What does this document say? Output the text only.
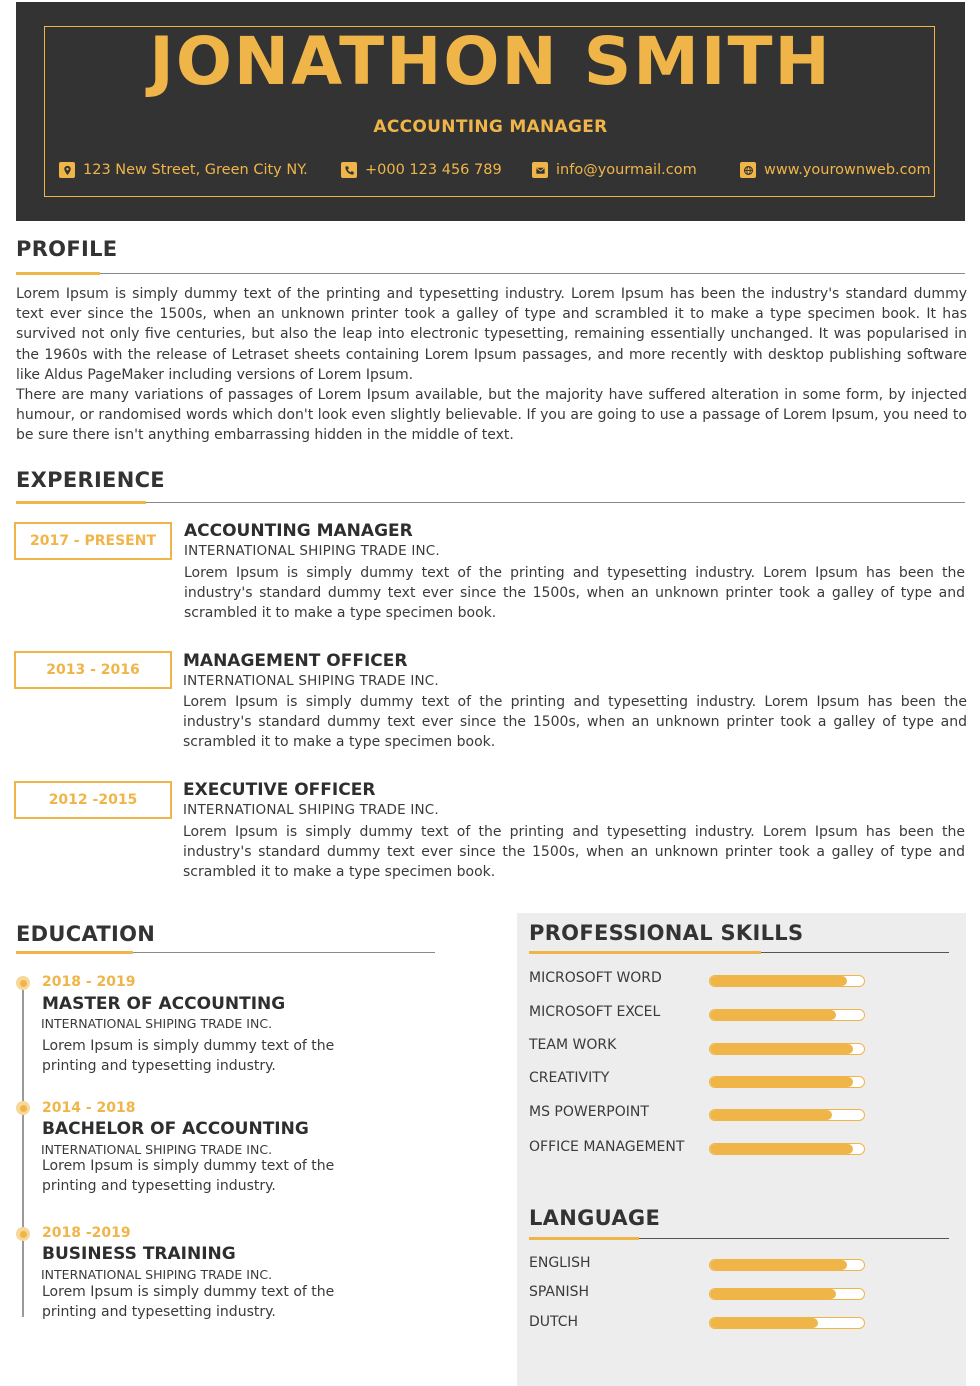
JONATHON SMITH
ACCOUNTING MANAGER
123 New Street, Green City NY.	+000 123 456 789	info@yourmail.com	www.yourownweb.com
PROFILE
Lorem Ipsum is simply dummy text of the printing and typesetting industry. Lorem Ipsum has been the industry's standard dummy text ever since the 1500s, when an unknown printer took a galley of type and scrambled it to make a type specimen book. It has survived not only five centuries, but also the leap into electronic typesetting, remaining essentially unchanged. It was popularised in the 1960s with the release of Letraset sheets containing Lorem Ipsum passages, and more recently with desktop publishing software like Aldus PageMaker including versions of Lorem Ipsum.
There are many variations of passages of Lorem Ipsum available, but the majority have suffered alteration in some form, by injected humour, or randomised words which don't look even slightly believable. If you are going to use a passage of Lorem Ipsum, you need to be sure there isn't anything embarrassing hidden in the middle of text.
EXPERIENCE
2017 - PRESENT	ACCOUNTING MANAGER
INTERNATIONAL SHIPING TRADE INC.
Lorem Ipsum is simply dummy text of the printing and typesetting industry. Lorem Ipsum has been the industry's standard dummy text ever since the 1500s, when an unknown printer took a galley of type and scrambled it to make a type specimen book.
2013 - 2016	MANAGEMENT OFFICER
INTERNATIONAL SHIPING TRADE INC.
Lorem Ipsum is simply dummy text of the printing and typesetting industry. Lorem Ipsum has been the industry's standard dummy text ever since the 1500s, when an unknown printer took a galley of type and scrambled it to make a type specimen book.
2012 -2015	EXECUTIVE OFFICER
INTERNATIONAL SHIPING TRADE INC.
Lorem Ipsum is simply dummy text of the printing and typesetting industry. Lorem Ipsum has been the industry's standard dummy text ever since the 1500s, when an unknown printer took a galley of type and scrambled it to make a type specimen book.
EDUCATION
2018 - 2019
MASTER OF ACCOUNTING
INTERNATIONAL SHIPING TRADE INC.
Lorem Ipsum is simply dummy text of the printing and typesetting industry.
2014 - 2018
BACHELOR OF ACCOUNTING
INTERNATIONAL SHIPING TRADE INC.
Lorem Ipsum is simply dummy text of the printing and typesetting industry.
2018 -2019
BUSINESS TRAINING
INTERNATIONAL SHIPING TRADE INC.
Lorem Ipsum is simply dummy text of the printing and typesetting industry.
PROFESSIONAL SKILLS
MICROSOFT WORD
MICROSOFT EXCEL
TEAM WORK
CREATIVITY
MS POWERPOINT
OFFICE MANAGEMENT
LANGUAGE
ENGLISH
SPANISH
DUTCH
